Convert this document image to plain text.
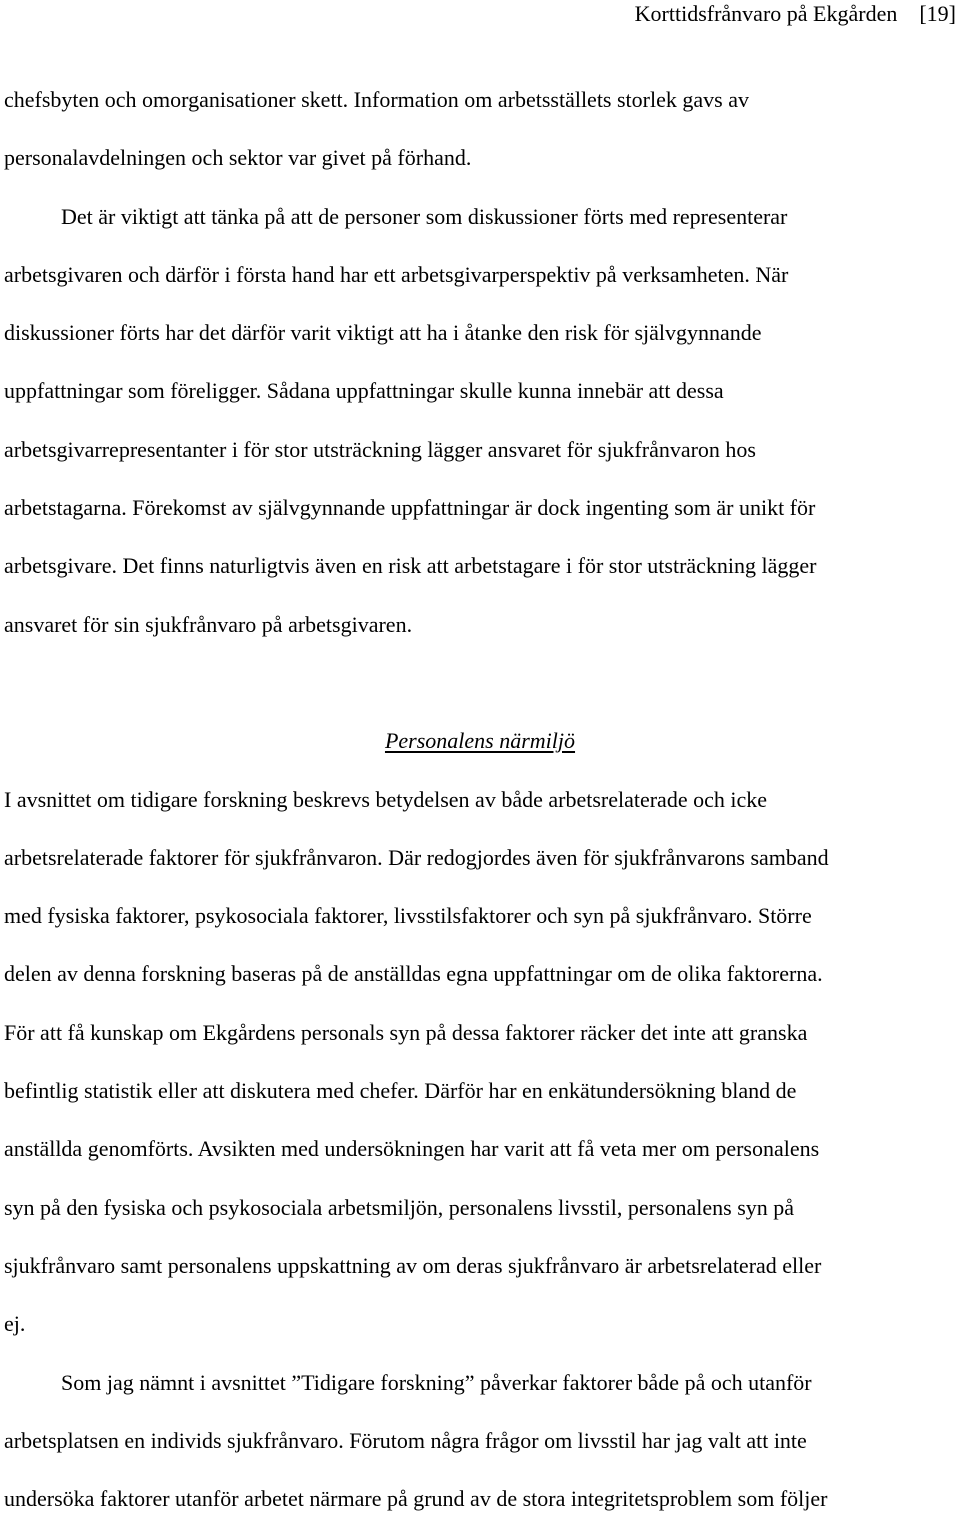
Korttidsfrånvaro på Ekgården [19]
chefsbyten och omorganisationer skett. Information om arbetsställets storlek gavs av
personalavdelningen och sektor var givet på förhand.
Det är viktigt att tänka på att de personer som diskussioner förts med representerar
arbetsgivaren och därför i första hand har ett arbetsgivarperspektiv på verksamheten. När
diskussioner förts har det därför varit viktigt att ha i åtanke den risk för självgynnande
uppfattningar som föreligger. Sådana uppfattningar skulle kunna innebär att dessa
arbetsgivarrepresentanter i för stor utsträckning lägger ansvaret för sjukfrånvaron hos
arbetstagarna. Förekomst av självgynnande uppfattningar är dock ingenting som är unikt för
arbetsgivare. Det finns naturligtvis även en risk att arbetstagare i för stor utsträckning lägger
ansvaret för sin sjukfrånvaro på arbetsgivaren.
Personalens närmiljö
I avsnittet om tidigare forskning beskrevs betydelsen av både arbetsrelaterade och icke
arbetsrelaterade faktorer för sjukfrånvaron. Där redogjordes även för sjukfrånvarons samband
med fysiska faktorer, psykosociala faktorer, livsstilsfaktorer och syn på sjukfrånvaro. Större
delen av denna forskning baseras på de anställdas egna uppfattningar om de olika faktorerna.
För att få kunskap om Ekgårdens personals syn på dessa faktorer räcker det inte att granska
befintlig statistik eller att diskutera med chefer. Därför har en enkätundersökning bland de
anställda genomförts. Avsikten med undersökningen har varit att få veta mer om personalens
syn på den fysiska och psykosociala arbetsmiljön, personalens livsstil, personalens syn på
sjukfrånvaro samt personalens uppskattning av om deras sjukfrånvaro är arbetsrelaterad eller
ej.
Som jag nämnt i avsnittet ”Tidigare forskning” påverkar faktorer både på och utanför
arbetsplatsen en individs sjukfrånvaro. Förutom några frågor om livsstil har jag valt att inte
undersöka faktorer utanför arbetet närmare på grund av de stora integritetsproblem som följer
